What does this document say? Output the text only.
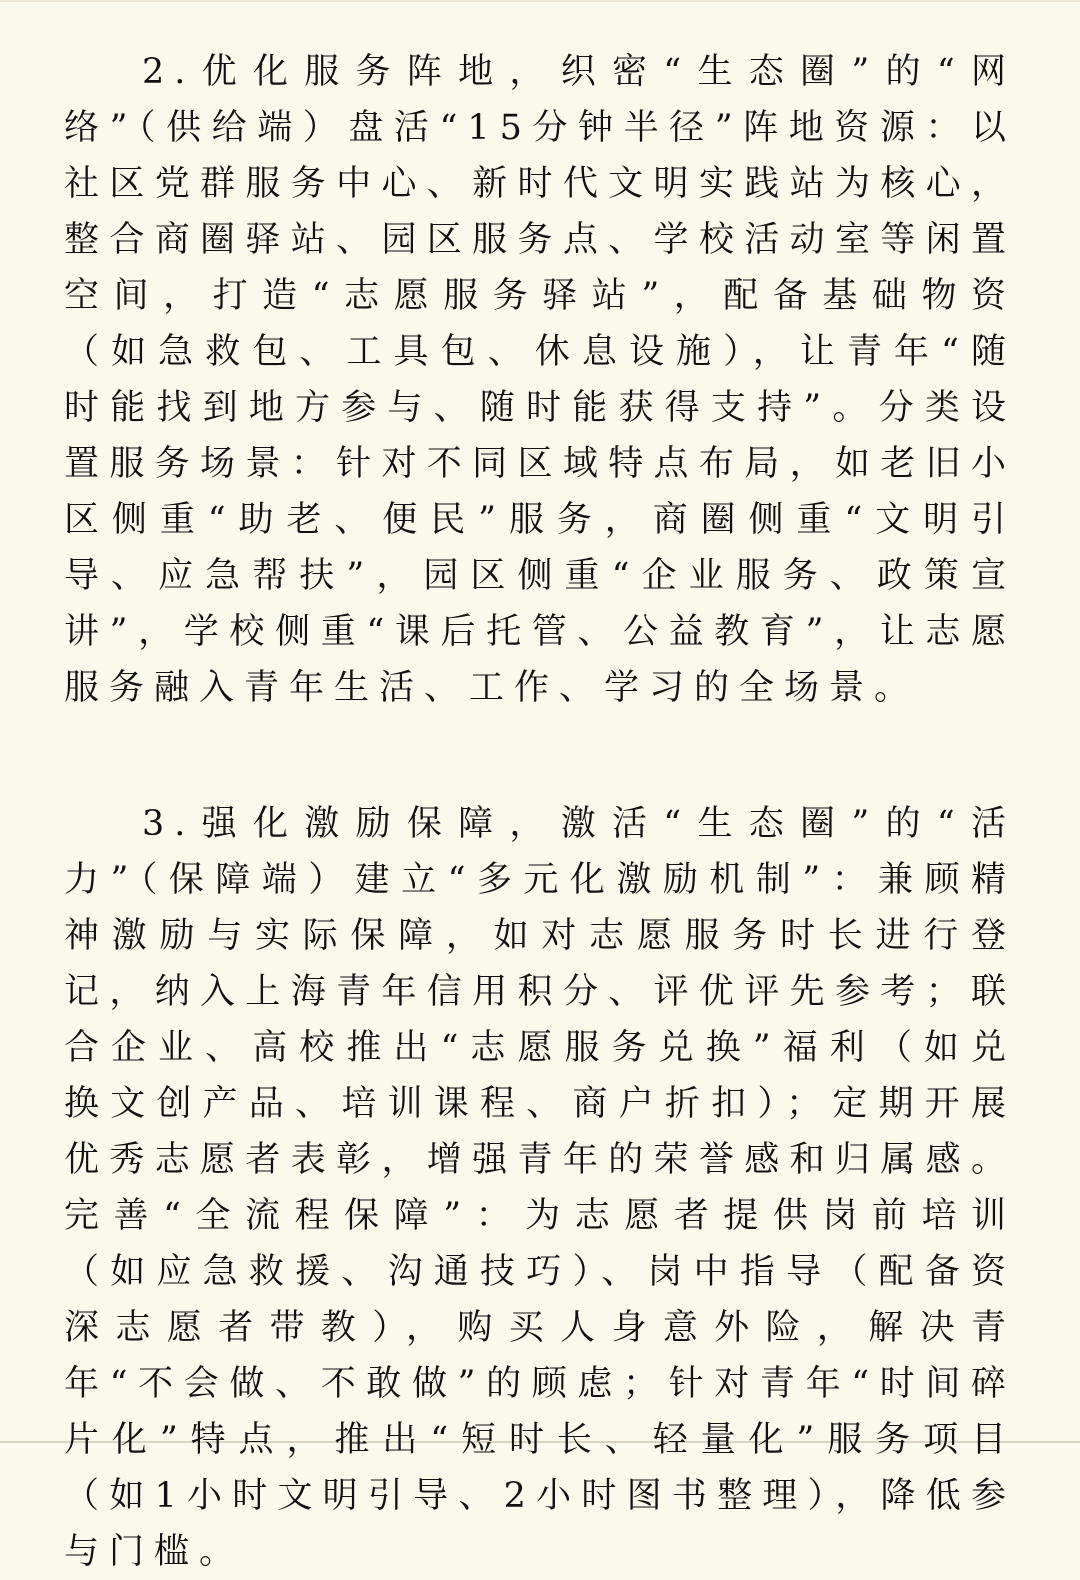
2.优化服务阵地，织密“生态圈”的“网络”（供给端）盘活“15分钟半径”阵地资源：以社区党群服务中心、新时代文明实践站为核心，整合商圈驿站、园区服务点、学校活动室等闲置空间，打造“志愿服务驿站”，配备基础物资（如急救包、工具包、休息设施），让青年“随时能找到地方参与、随时能获得支持”。分类设置服务场景：针对不同区域特点布局，如老旧小区侧重“助老、便民”服务，商圈侧重“文明引导、应急帮扶”，园区侧重“企业服务、政策宣讲”，学校侧重“课后托管、公益教育”，让志愿服务融入青年生活、工作、学习的全场景。

3.强化激励保障，激活“生态圈”的“活力”（保障端）建立“多元化激励机制”：兼顾精神激励与实际保障，如对志愿服务时长进行登记，纳入上海青年信用积分、评优评先参考；联合企业、高校推出“志愿服务兑换”福利（如兑换文创产品、培训课程、商户折扣）；定期开展优秀志愿者表彰，增强青年的荣誉感和归属感。完善“全流程保障”：为志愿者提供岗前培训（如应急救援、沟通技巧）、岗中指导（配备资深志愿者带教），购买人身意外险，解决青年“不会做、不敢做”的顾虑；针对青年“时间碎片化”特点，推出“短时长、轻量化”服务项目（如1小时文明引导、2小时图书整理），降低参与门槛。
